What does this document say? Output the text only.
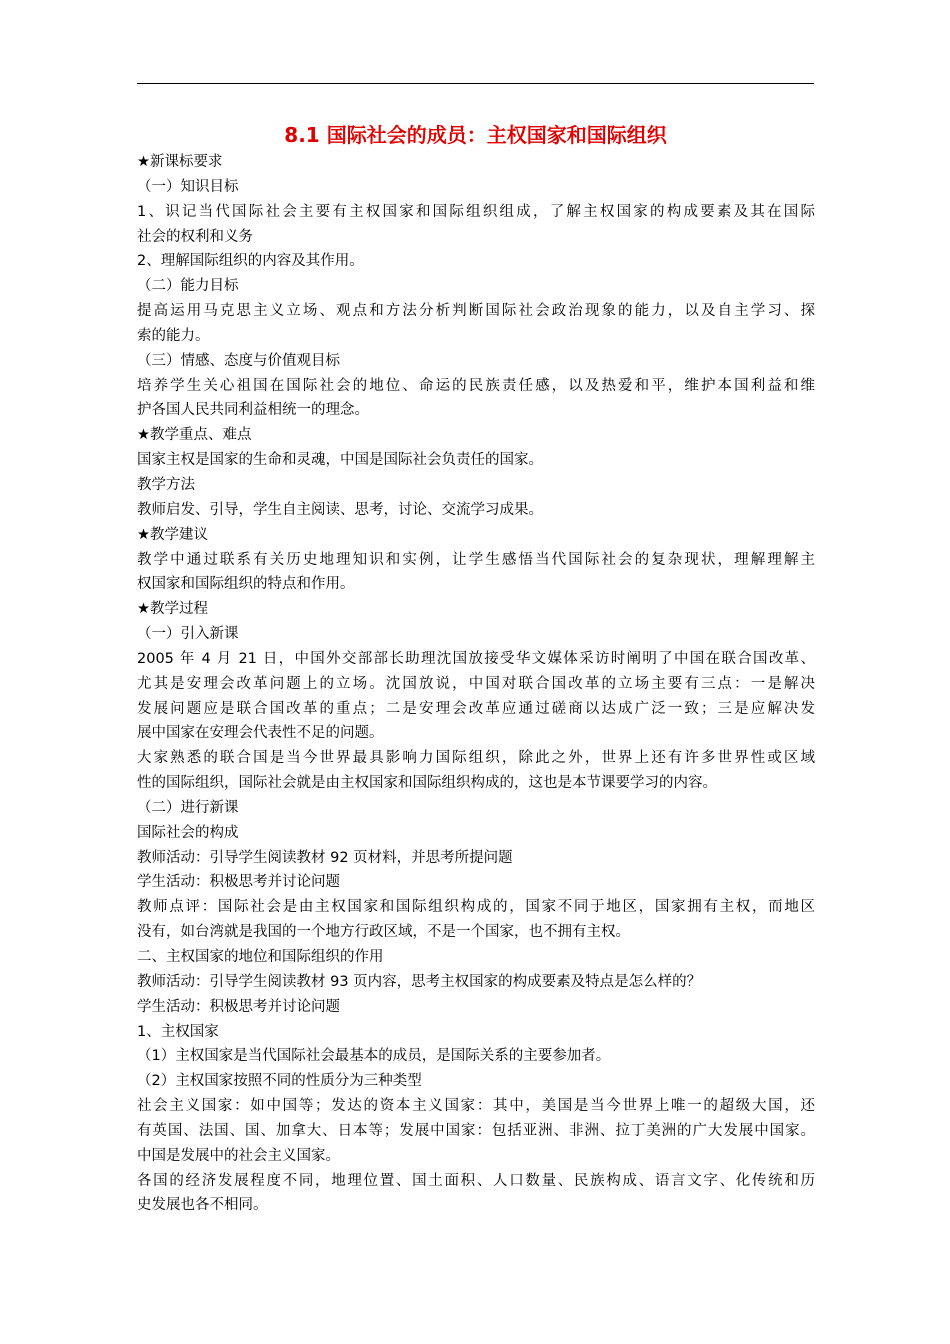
8.1 国际社会的成员：主权国家和国际组织
★新课标要求
（一）知识目标
1、识记当代国际社会主要有主权国家和国际组织组成，了解主权国家的构成要素及其在国际
社会的权利和义务
2、理解国际组织的内容及其作用。
（二）能力目标
提高运用马克思主义立场、观点和方法分析判断国际社会政治现象的能力，以及自主学习、探
索的能力。
（三）情感、态度与价值观目标
培养学生关心祖国在国际社会的地位、命运的民族责任感，以及热爱和平，维护本国利益和维
护各国人民共同利益相统一的理念。
★教学重点、难点
国家主权是国家的生命和灵魂，中国是国际社会负责任的国家。
教学方法
教师启发、引导，学生自主阅读、思考，讨论、交流学习成果。
★教学建议
教学中通过联系有关历史地理知识和实例，让学生感悟当代国际社会的复杂现状，理解理解主
权国家和国际组织的特点和作用。
★教学过程
（一）引入新课
2005 年 4 月 21 日，中国外交部部长助理沈国放接受华文媒体采访时阐明了中国在联合国改革、
尤其是安理会改革问题上的立场。沈国放说，中国对联合国改革的立场主要有三点：一是解决
发展问题应是联合国改革的重点；二是安理会改革应通过磋商以达成广泛一致；三是应解决发
展中国家在安理会代表性不足的问题。
大家熟悉的联合国是当今世界最具影响力国际组织，除此之外，世界上还有许多世界性或区域
性的国际组织，国际社会就是由主权国家和国际组织构成的，这也是本节课要学习的内容。
（二）进行新课
国际社会的构成
教师活动：引导学生阅读教材 92 页材料，并思考所提问题
学生活动：积极思考并讨论问题
教师点评：国际社会是由主权国家和国际组织构成的，国家不同于地区，国家拥有主权，而地区
没有，如台湾就是我国的一个地方行政区域，不是一个国家，也不拥有主权。
二、主权国家的地位和国际组织的作用
教师活动：引导学生阅读教材 93 页内容，思考主权国家的构成要素及特点是怎么样的？
学生活动：积极思考并讨论问题
1、主权国家
（1）主权国家是当代国际社会最基本的成员，是国际关系的主要参加者。
（2）主权国家按照不同的性质分为三种类型
社会主义国家：如中国等；发达的资本主义国家：其中，美国是当今世界上唯一的超级大国，还
有英国、法国、国、加拿大、日本等；发展中国家：包括亚洲、非洲、拉丁美洲的广大发展中国家。
中国是发展中的社会主义国家。
各国的经济发展程度不同，地理位置、国土面积、人口数量、民族构成、语言文字、化传统和历
史发展也各不相同。
